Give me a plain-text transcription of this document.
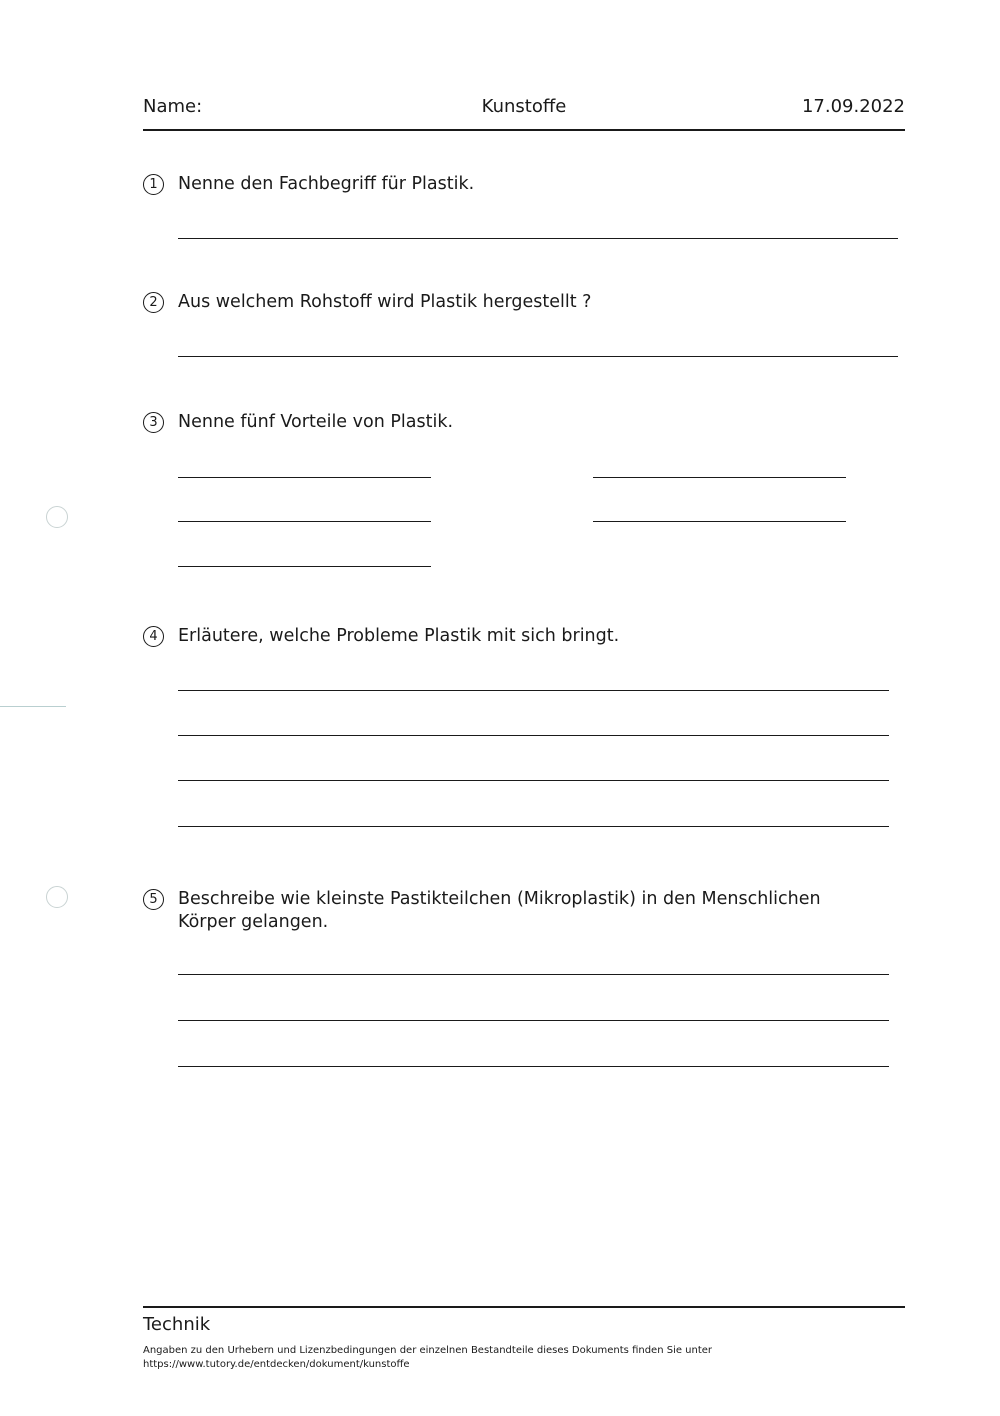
Kunstoffe
Name:	17.09.2022
1	Nenne den Fachbegriff für Plastik.
2	Aus welchem Rohstoff wird Plastik hergestellt ?
3	Nenne fünf Vorteile von Plastik.
4	Erläutere, welche Probleme Plastik mit sich bringt.
5	Beschreibe wie kleinste Pastikteilchen (Mikroplastik) in den Menschlichen Körper gelangen.
Technik
Angaben zu den Urhebern und Lizenzbedingungen der einzelnen Bestandteile dieses Dokuments finden Sie unter
https://www.tutory.de/entdecken/dokument/kunstoffe
